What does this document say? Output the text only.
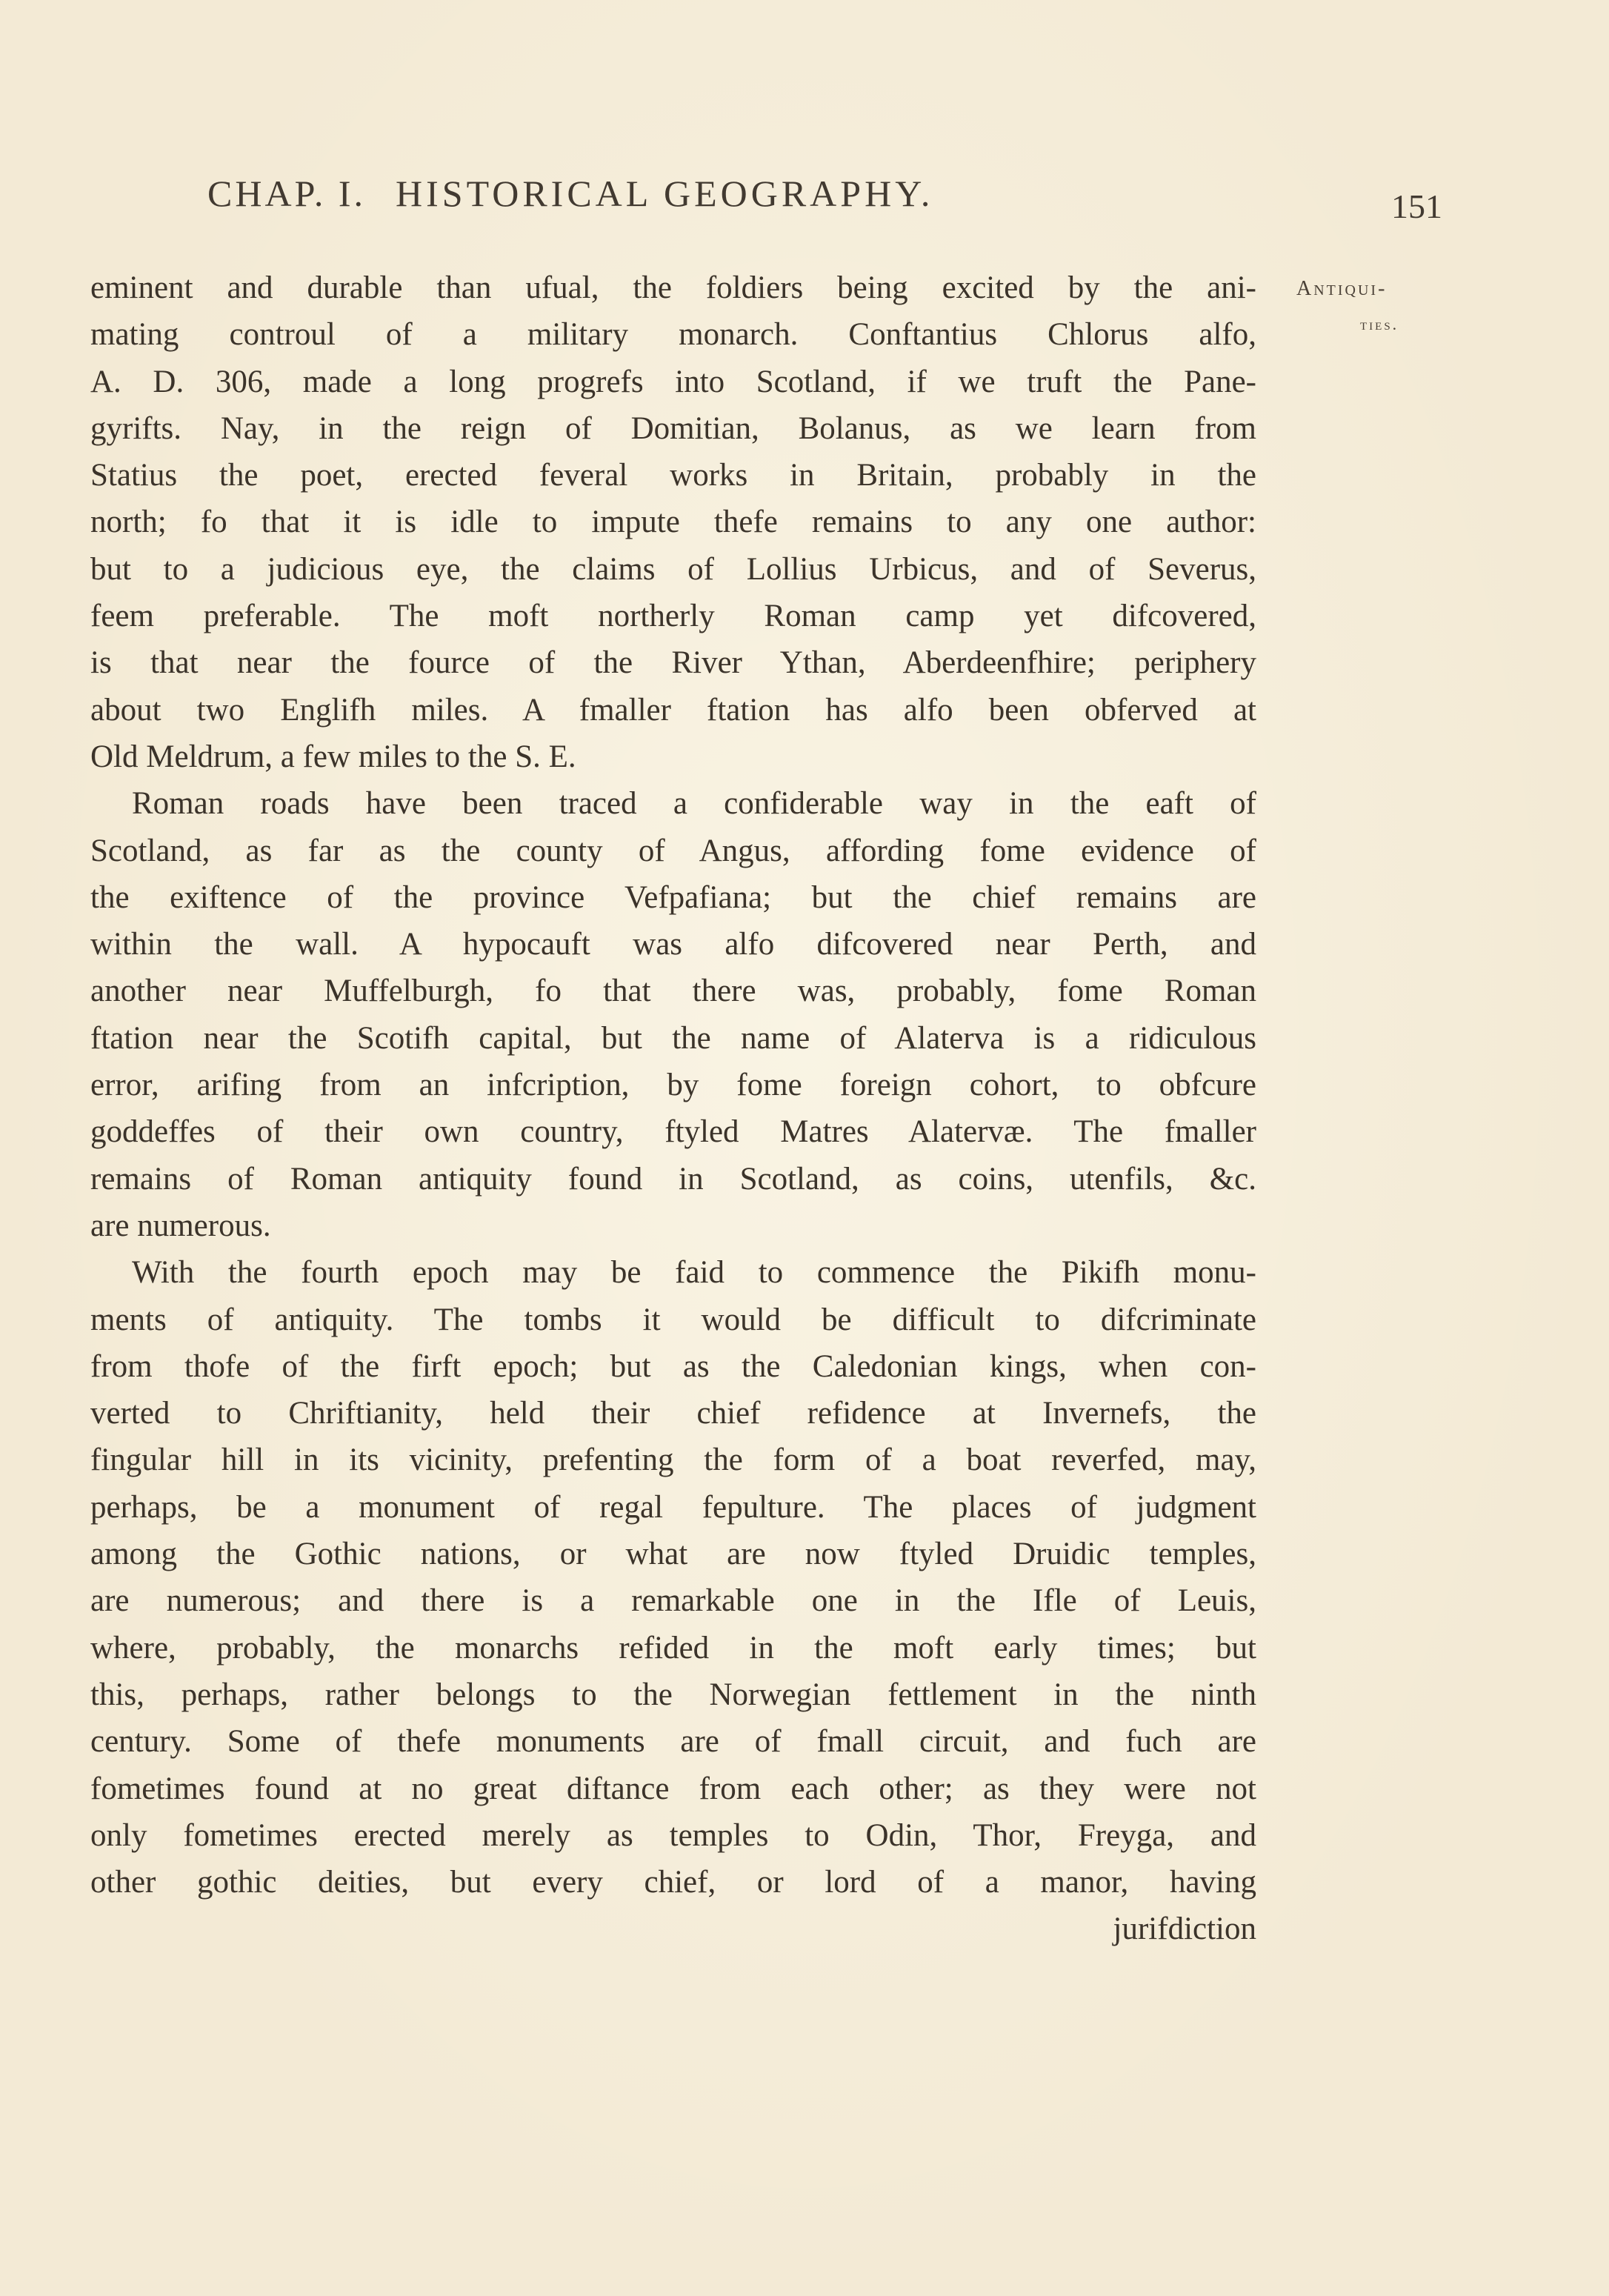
CHAP. I. HISTORICAL GEOGRAPHY.	151
Antiqui-
ties.
eminent and durable than ufual, the foldiers being excited by the ani-
mating controul of a military monarch. Conftantius Chlorus alfo,
A. D. 306, made a long progrefs into Scotland, if we truft the Pane-
gyrifts. Nay, in the reign of Domitian, Bolanus, as we learn from
Statius the poet, erected feveral works in Britain, probably in the
north; fo that it is idle to impute thefe remains to any one author:
but to a judicious eye, the claims of Lollius Urbicus, and of Severus,
feem preferable. The moft northerly Roman camp yet difcovered,
is that near the fource of the River Ythan, Aberdeenfhire; periphery
about two Englifh miles. A fmaller ftation has alfo been obferved at
Old Meldrum, a few miles to the S. E.
Roman roads have been traced a confiderable way in the eaft of
Scotland, as far as the county of Angus, affording fome evidence of
the exiftence of the province Vefpafiana; but the chief remains are
within the wall. A hypocauft was alfo difcovered near Perth, and
another near Muffelburgh, fo that there was, probably, fome Roman
ftation near the Scotifh capital, but the name of Alaterva is a ridiculous
error, arifing from an infcription, by fome foreign cohort, to obfcure
goddeffes of their own country, ftyled Matres Alatervæ. The fmaller
remains of Roman antiquity found in Scotland, as coins, utenfils, &c.
are numerous.
With the fourth epoch may be faid to commence the Pikifh monu-
ments of antiquity. The tombs it would be difficult to difcriminate
from thofe of the firft epoch; but as the Caledonian kings, when con-
verted to Chriftianity, held their chief refidence at Invernefs, the
fingular hill in its vicinity, prefenting the form of a boat reverfed, may,
perhaps, be a monument of regal fepulture. The places of judgment
among the Gothic nations, or what are now ftyled Druidic temples,
are numerous; and there is a remarkable one in the Ifle of Leuis,
where, probably, the monarchs refided in the moft early times; but
this, perhaps, rather belongs to the Norwegian fettlement in the ninth
century. Some of thefe monuments are of fmall circuit, and fuch are
fometimes found at no great diftance from each other; as they were not
only fometimes erected merely as temples to Odin, Thor, Freyga, and
other gothic deities, but every chief, or lord of a manor, having
jurifdiction
